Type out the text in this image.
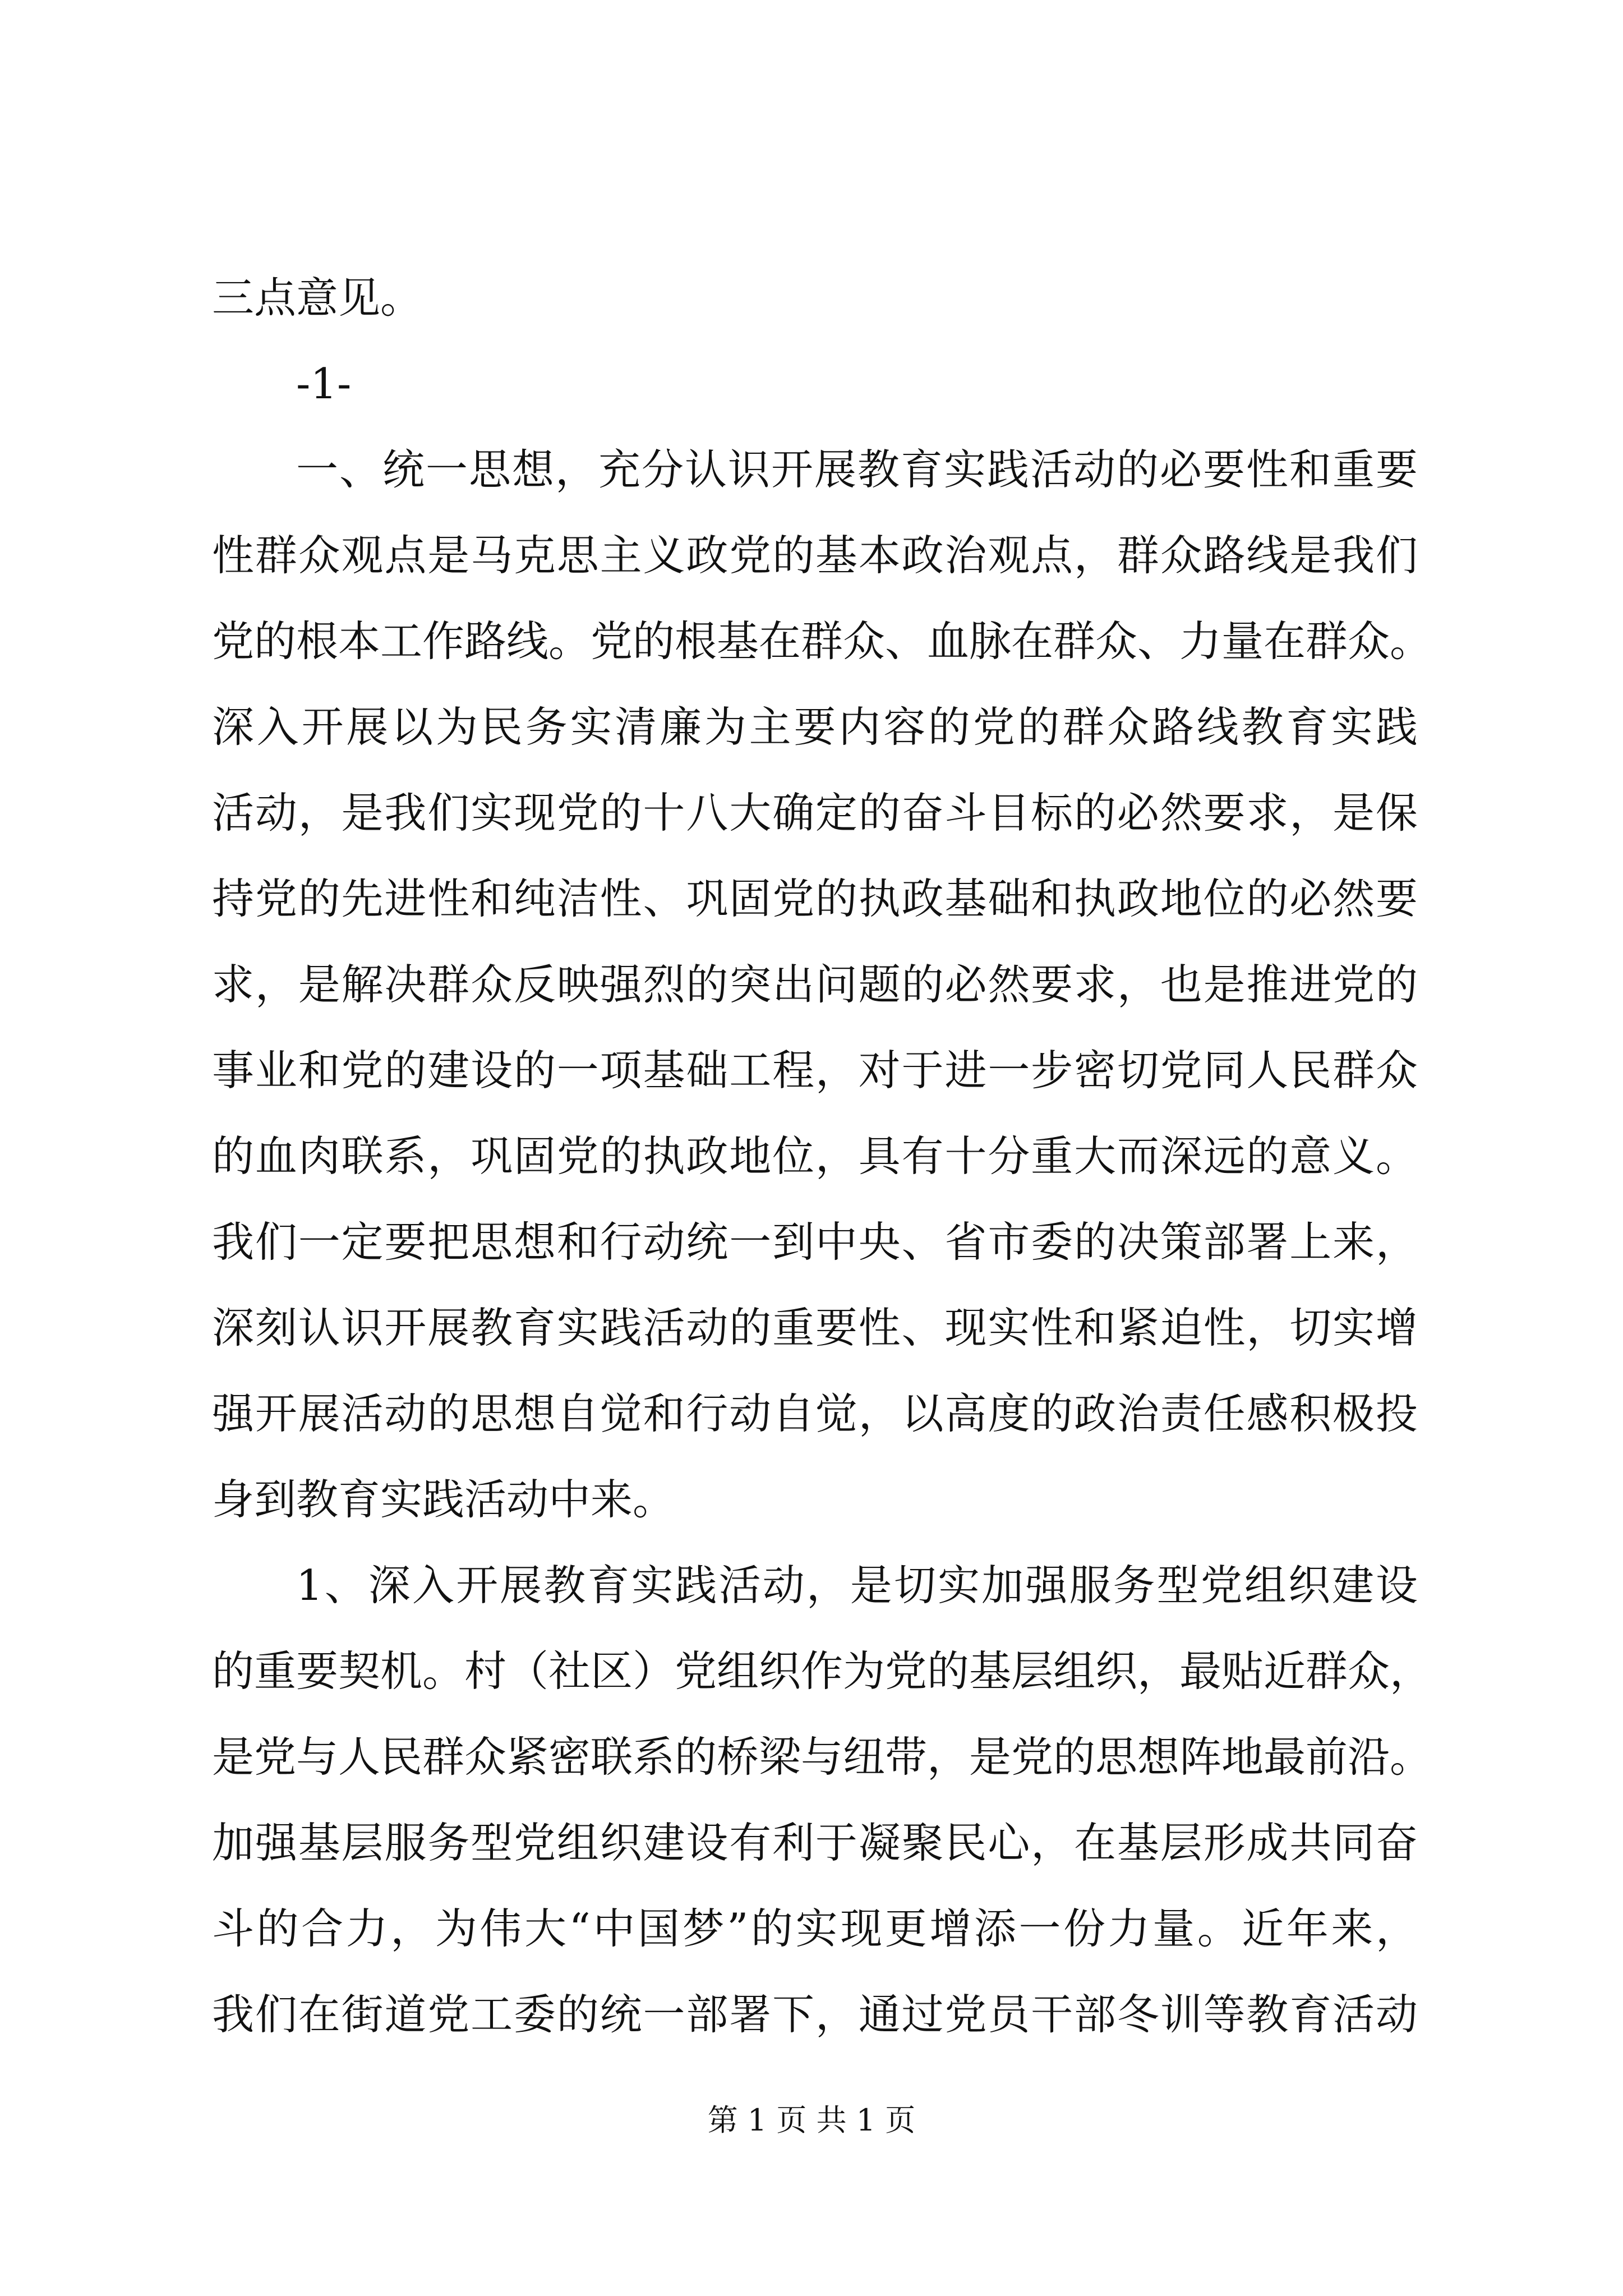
三点意见。
-1-
一、统一思想，充分认识开展教育实践活动的必要性和重要
性群众观点是马克思主义政党的基本政治观点，群众路线是我们
党的根本工作路线。党的根基在群众、血脉在群众、力量在群众。
深入开展以为民务实清廉为主要内容的党的群众路线教育实践
活动，是我们实现党的十八大确定的奋斗目标的必然要求，是保
持党的先进性和纯洁性、巩固党的执政基础和执政地位的必然要
求，是解决群众反映强烈的突出问题的必然要求，也是推进党的
事业和党的建设的一项基础工程，对于进一步密切党同人民群众
的血肉联系，巩固党的执政地位，具有十分重大而深远的意义。
我们一定要把思想和行动统一到中央、省市委的决策部署上来，
深刻认识开展教育实践活动的重要性、现实性和紧迫性，切实增
强开展活动的思想自觉和行动自觉，以高度的政治责任感积极投
身到教育实践活动中来。
1、深入开展教育实践活动，是切实加强服务型党组织建设
的重要契机。村（社区）党组织作为党的基层组织，最贴近群众，
是党与人民群众紧密联系的桥梁与纽带，是党的思想阵地最前沿。
加强基层服务型党组织建设有利于凝聚民心，在基层形成共同奋
斗的合力，为伟大“中国梦”的实现更增添一份力量。近年来，
我们在街道党工委的统一部署下，通过党员干部冬训等教育活动
第 1 页 共 1 页
